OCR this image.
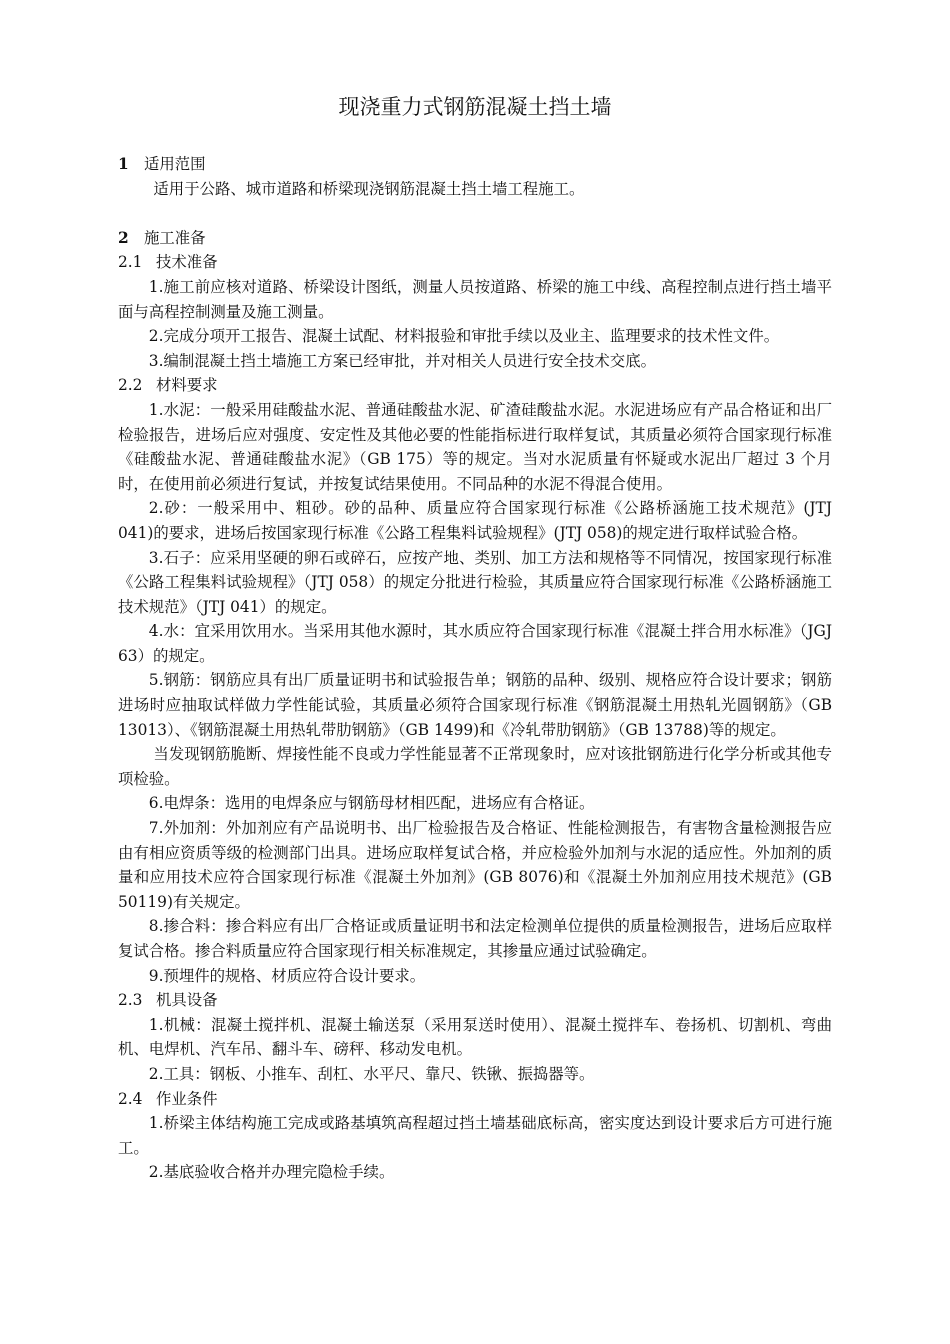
现浇重力式钢筋混凝土挡土墙
1 适用范围

适用于公路、城市道路和桥梁现浇钢筋混凝土挡土墙工程施工。

2 施工准备
2.1 技术准备

1.施工前应核对道路、桥梁设计图纸，测量人员按道路、桥梁的施工中线、高程控制点进行挡土墙平面与高程控制测量及施工测量。

2.完成分项开工报告、混凝土试配、材料报验和审批手续以及业主、监理要求的技术性文件。

3.编制混凝土挡土墙施工方案已经审批，并对相关人员进行安全技术交底。

2.2 材料要求

1.水泥：一般采用硅酸盐水泥、普通硅酸盐水泥、矿渣硅酸盐水泥。水泥进场应有产品合格证和出厂检验报告，进场后应对强度、安定性及其他必要的性能指标进行取样复试，其质量必须符合国家现行标准《硅酸盐水泥、普通硅酸盐水泥》（GB 175）等的规定。当对水泥质量有怀疑或水泥出厂超过 3 个月时，在使用前必须进行复试，并按复试结果使用。不同品种的水泥不得混合使用。

2.砂：一般采用中、粗砂。砂的品种、质量应符合国家现行标准《公路桥涵施工技术规范》(JTJ 041)的要求，进场后按国家现行标准《公路工程集料试验规程》(JTJ 058)的规定进行取样试验合格。

3.石子：应采用坚硬的卵石或碎石，应按产地、类别、加工方法和规格等不同情况，按国家现行标准《公路工程集料试验规程》（JTJ 058）的规定分批进行检验，其质量应符合国家现行标准《公路桥涵施工技术规范》（JTJ 041）的规定。

4.水：宜采用饮用水。当采用其他水源时，其水质应符合国家现行标准《混凝土拌合用水标准》（JGJ 63）的规定。

5.钢筋：钢筋应具有出厂质量证明书和试验报告单；钢筋的品种、级别、规格应符合设计要求；钢筋进场时应抽取试样做力学性能试验，其质量必须符合国家现行标准《钢筋混凝土用热轧光圆钢筋》（GB 13013）、《钢筋混凝土用热轧带肋钢筋》（GB 1499)和《冷轧带肋钢筋》（GB 13788)等的规定。

当发现钢筋脆断、焊接性能不良或力学性能显著不正常现象时，应对该批钢筋进行化学分析或其他专项检验。

6.电焊条：选用的电焊条应与钢筋母材相匹配，进场应有合格证。

7.外加剂：外加剂应有产品说明书、出厂检验报告及合格证、性能检测报告，有害物含量检测报告应由有相应资质等级的检测部门出具。进场应取样复试合格，并应检验外加剂与水泥的适应性。外加剂的质量和应用技术应符合国家现行标准《混凝土外加剂》(GB 8076)和《混凝土外加剂应用技术规范》(GB 50119)有关规定。

8.掺合料：掺合料应有出厂合格证或质量证明书和法定检测单位提供的质量检测报告，进场后应取样复试合格。掺合料质量应符合国家现行相关标准规定，其掺量应通过试验确定。

9.预埋件的规格、材质应符合设计要求。

2.3 机具设备

1.机械：混凝土搅拌机、混凝土输送泵（采用泵送时使用）、混凝土搅拌车、卷扬机、切割机、弯曲机、电焊机、汽车吊、翻斗车、磅秤、移动发电机。

2.工具：钢板、小推车、刮杠、水平尺、靠尺、铁锹、振捣器等。

2.4 作业条件

1.桥梁主体结构施工完成或路基填筑高程超过挡土墙基础底标高，密实度达到设计要求后方可进行施工。

2.基底验收合格并办理完隐检手续。
